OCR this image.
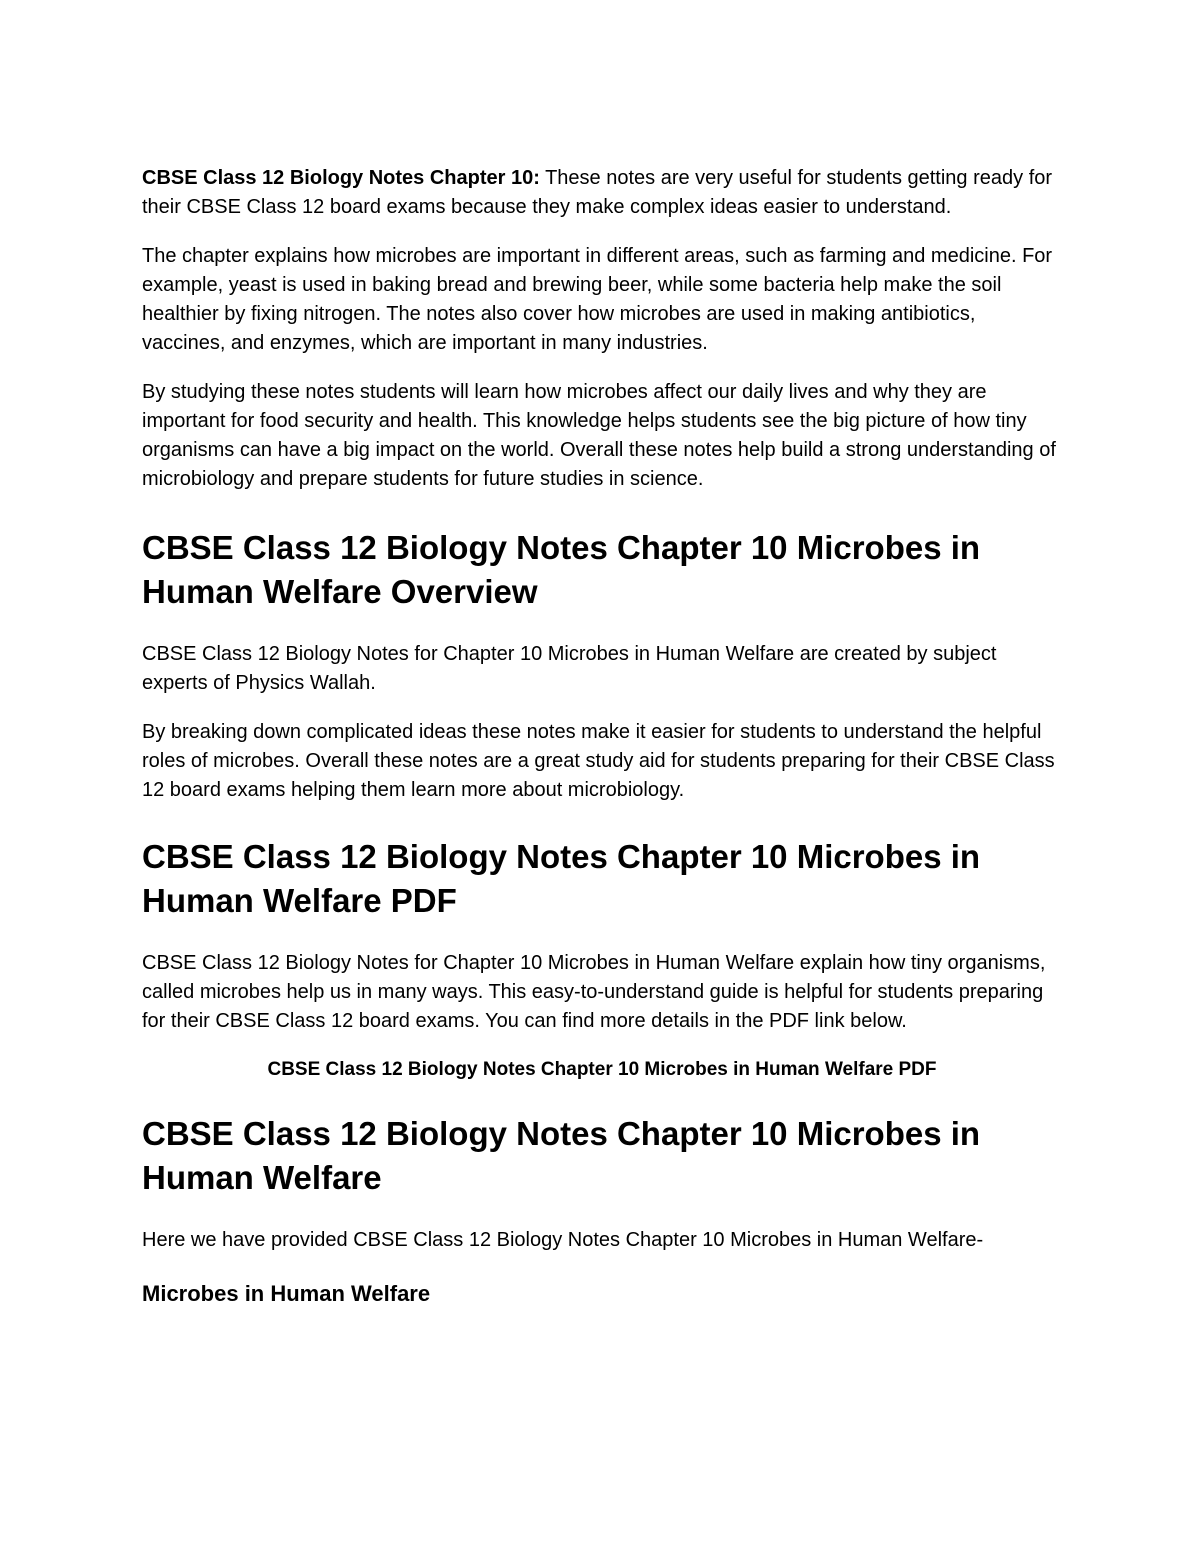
CBSE Class 12 Biology Notes Chapter 10: These notes are very useful for students getting ready for their CBSE Class 12 board exams because they make complex ideas easier to understand.

The chapter explains how microbes are important in different areas, such as farming and medicine. For example, yeast is used in baking bread and brewing beer, while some bacteria help make the soil healthier by fixing nitrogen. The notes also cover how microbes are used in making antibiotics, vaccines, and enzymes, which are important in many industries.

By studying these notes students will learn how microbes affect our daily lives and why they are important for food security and health. This knowledge helps students see the big picture of how tiny organisms can have a big impact on the world. Overall these notes help build a strong understanding of microbiology and prepare students for future studies in science.

CBSE Class 12 Biology Notes Chapter 10 Microbes in Human Welfare Overview

CBSE Class 12 Biology Notes for Chapter 10 Microbes in Human Welfare are created by subject experts of Physics Wallah.

By breaking down complicated ideas these notes make it easier for students to understand the helpful roles of microbes. Overall these notes are a great study aid for students preparing for their CBSE Class 12 board exams helping them learn more about microbiology.

CBSE Class 12 Biology Notes Chapter 10 Microbes in Human Welfare PDF

CBSE Class 12 Biology Notes for Chapter 10 Microbes in Human Welfare explain how tiny organisms, called microbes help us in many ways. This easy-to-understand guide is helpful for students preparing for their CBSE Class 12 board exams. You can find more details in the PDF link below.

CBSE Class 12 Biology Notes Chapter 10 Microbes in Human Welfare PDF
CBSE Class 12 Biology Notes Chapter 10 Microbes in Human Welfare

Here we have provided CBSE Class 12 Biology Notes Chapter 10 Microbes in Human Welfare-

Microbes in Human Welfare
